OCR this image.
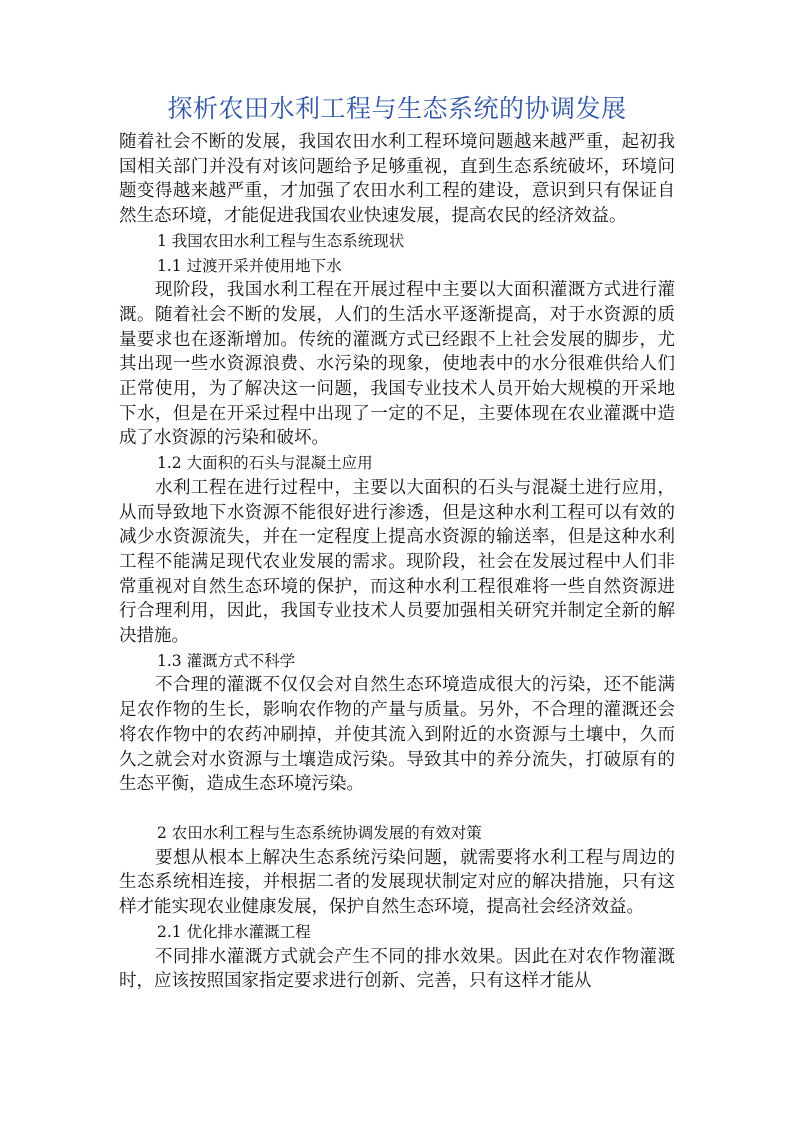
探析农田水利工程与生态系统的协调发展

随着社会不断的发展，我国农田水利工程环境问题越来越严重，起初我国相关部门并没有对该问题给予足够重视，直到生态系统破坏，环境问题变得越来越严重，才加强了农田水利工程的建设，意识到只有保证自然生态环境，才能促进我国农业快速发展，提高农民的经济效益。

1 我国农田水利工程与生态系统现状

1.1 过渡开采并使用地下水

现阶段，我国水利工程在开展过程中主要以大面积灌溉方式进行灌溉。随着社会不断的发展，人们的生活水平逐渐提高，对于水资源的质量要求也在逐渐增加。传统的灌溉方式已经跟不上社会发展的脚步，尤其出现一些水资源浪费、水污染的现象，使地表中的水分很难供给人们正常使用，为了解决这一问题，我国专业技术人员开始大规模的开采地下水，但是在开采过程中出现了一定的不足，主要体现在农业灌溉中造成了水资源的污染和破坏。

1.2 大面积的石头与混凝土应用

水利工程在进行过程中，主要以大面积的石头与混凝土进行应用，从而导致地下水资源不能很好进行渗透，但是这种水利工程可以有效的减少水资源流失，并在一定程度上提高水资源的输送率，但是这种水利工程不能满足现代农业发展的需求。现阶段，社会在发展过程中人们非常重视对自然生态环境的保护，而这种水利工程很难将一些自然资源进行合理利用，因此，我国专业技术人员要加强相关研究并制定全新的解决措施。

1.3 灌溉方式不科学

不合理的灌溉不仅仅会对自然生态环境造成很大的污染，还不能满足农作物的生长，影响农作物的产量与质量。另外，不合理的灌溉还会将农作物中的农药冲刷掉，并使其流入到附近的水资源与土壤中，久而久之就会对水资源与土壤造成污染。导致其中的养分流失，打破原有的生态平衡，造成生态环境污染。

2 农田水利工程与生态系统协调发展的有效对策

要想从根本上解决生态系统污染问题，就需要将水利工程与周边的生态系统相连接，并根据二者的发展现状制定对应的解决措施，只有这样才能实现农业健康发展，保护自然生态环境，提高社会经济效益。

2.1 优化排水灌溉工程

不同排水灌溉方式就会产生不同的排水效果。因此在对农作物灌溉时，应该按照国家指定要求进行创新、完善，只有这样才能从
